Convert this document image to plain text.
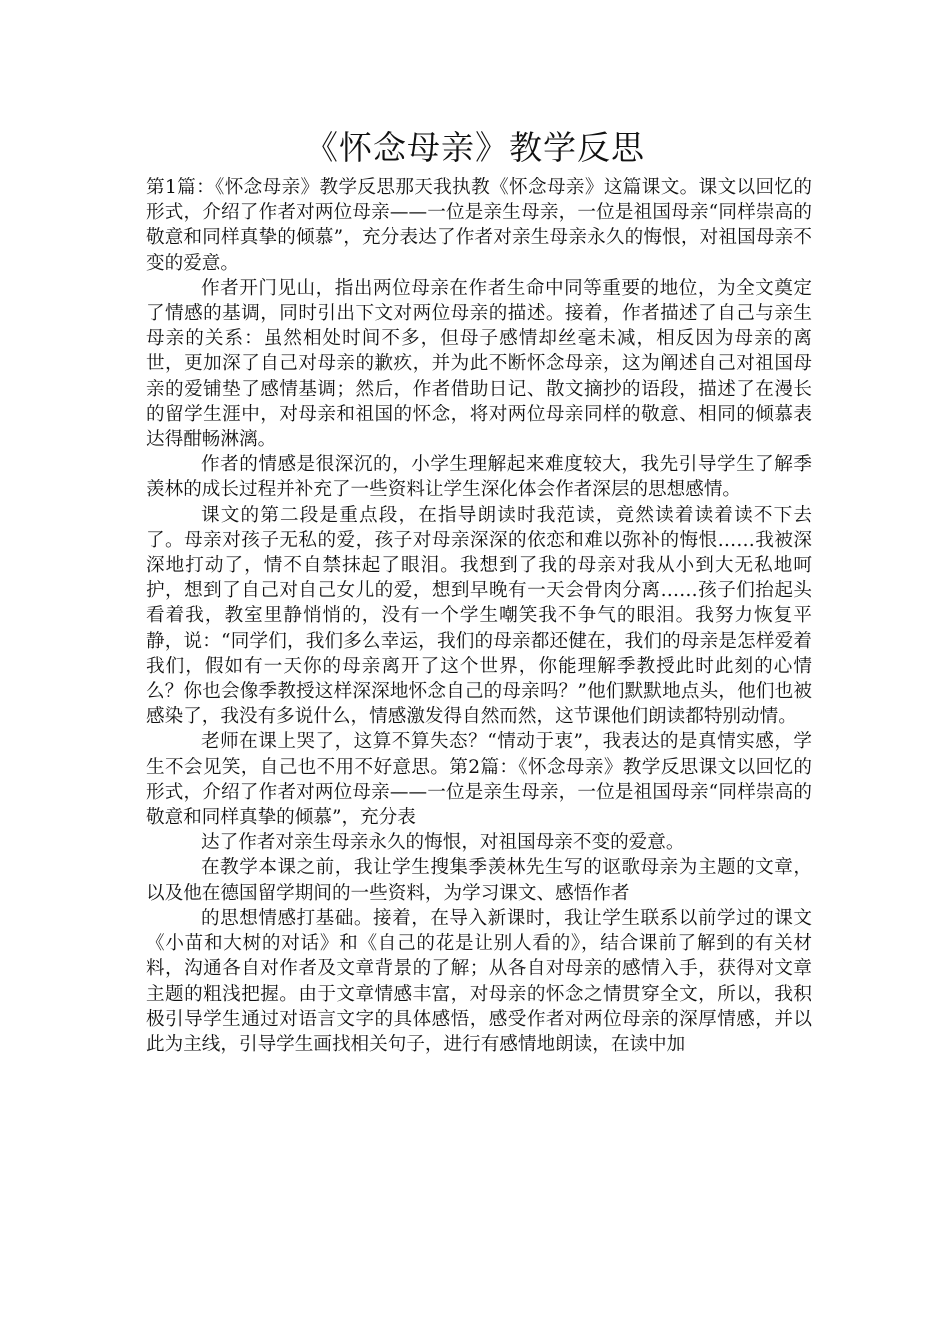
《怀念母亲》教学反思

第1篇：《怀念母亲》教学反思那天我执教《怀念母亲》这篇课文。课文以回忆的形式，介绍了作者对两位母亲——一位是亲生母亲，一位是祖国母亲“同样崇高的敬意和同样真挚的倾慕”，充分表达了作者对亲生母亲永久的悔恨，对祖国母亲不变的爱意。

作者开门见山，指出两位母亲在作者生命中同等重要的地位，为全文奠定了情感的基调，同时引出下文对两位母亲的描述。接着，作者描述了自己与亲生母亲的关系：虽然相处时间不多，但母子感情却丝毫未减，相反因为母亲的离世，更加深了自己对母亲的歉疚，并为此不断怀念母亲，这为阐述自己对祖国母亲的爱铺垫了感情基调；然后，作者借助日记、散文摘抄的语段，描述了在漫长的留学生涯中，对母亲和祖国的怀念，将对两位母亲同样的敬意、相同的倾慕表达得酣畅淋漓。

作者的情感是很深沉的，小学生理解起来难度较大，我先引导学生了解季羡林的成长过程并补充了一些资料让学生深化体会作者深层的思想感情。

课文的第二段是重点段，在指导朗读时我范读，竟然读着读着读不下去了。母亲对孩子无私的爱，孩子对母亲深深的依恋和难以弥补的悔恨……我被深深地打动了，情不自禁抹起了眼泪。我想到了我的母亲对我从小到大无私地呵护，想到了自己对自己女儿的爱，想到早晚有一天会骨肉分离……孩子们抬起头看着我，教室里静悄悄的，没有一个学生嘲笑我不争气的眼泪。我努力恢复平静，说：“同学们，我们多么幸运，我们的母亲都还健在，我们的母亲是怎样爱着我们，假如有一天你的母亲离开了这个世界，你能理解季教授此时此刻的心情么？你也会像季教授这样深深地怀念自己的母亲吗？”他们默默地点头，他们也被感染了，我没有多说什么，情感激发得自然而然，这节课他们朗读都特别动情。

老师在课上哭了，这算不算失态？“情动于衷”，我表达的是真情实感，学生不会见笑，自己也不用不好意思。第2篇：《怀念母亲》教学反思课文以回忆的形式，介绍了作者对两位母亲——一位是亲生母亲，一位是祖国母亲“同样崇高的敬意和同样真挚的倾慕”，充分表

达了作者对亲生母亲永久的悔恨，对祖国母亲不变的爱意。

在教学本课之前，我让学生搜集季羡林先生写的讴歌母亲为主题的文章，以及他在德国留学期间的一些资料，为学习课文、感悟作者

的思想情感打基础。接着，在导入新课时，我让学生联系以前学过的课文《小苗和大树的对话》和《自己的花是让别人看的》，结合课前了解到的有关材料，沟通各自对作者及文章背景的了解；从各自对母亲的感情入手，获得对文章主题的粗浅把握。由于文章情感丰富，对母亲的怀念之情贯穿全文，所以，我积极引导学生通过对语言文字的具体感悟，感受作者对两位母亲的深厚情感，并以此为主线，引导学生画找相关句子，进行有感情地朗读，在读中加
